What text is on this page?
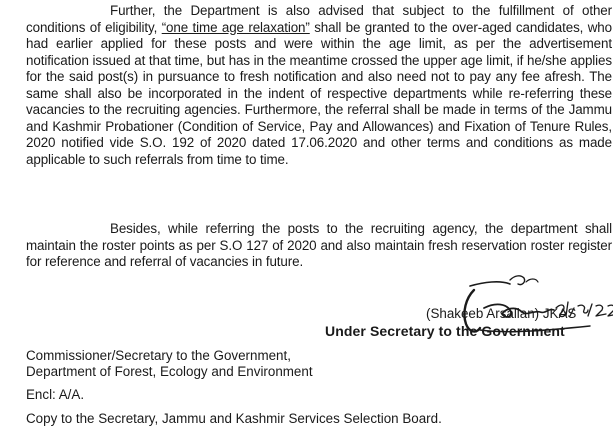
Further, the Department is also advised that subject to the fulfillment of other conditions of eligibility, “one time age relaxation” shall be granted to the over-aged candidates, who had earlier applied for these posts and were within the age limit, as per the advertisement notification issued at that time, but has in the meantime crossed the upper age limit, if he/she applies for the said post(s) in pursuance to fresh notification and also need not to pay any fee afresh. The same shall also be incorporated in the indent of respective departments while re-referring these vacancies to the recruiting agencies. Furthermore, the referral shall be made in terms of the Jammu and Kashmir Probationer (Condition of Service, Pay and Allowances) and Fixation of Tenure Rules, 2020 notified vide S.O. 192 of 2020 dated 17.06.2020 and other terms and conditions as made applicable to such referrals from time to time.

Besides, while referring the posts to the recruiting agency, the department shall maintain the roster points as per S.O 127 of 2020 and also maintain fresh reservation roster register for reference and referral of vacancies in future.

(Shakeeb Arsallan) JKAS
Under Secretary to the Government

Commissioner/Secretary to the Government,

Department of Forest, Ecology and Environment

Encl: A/A.

Copy to the Secretary, Jammu and Kashmir Services Selection Board.
